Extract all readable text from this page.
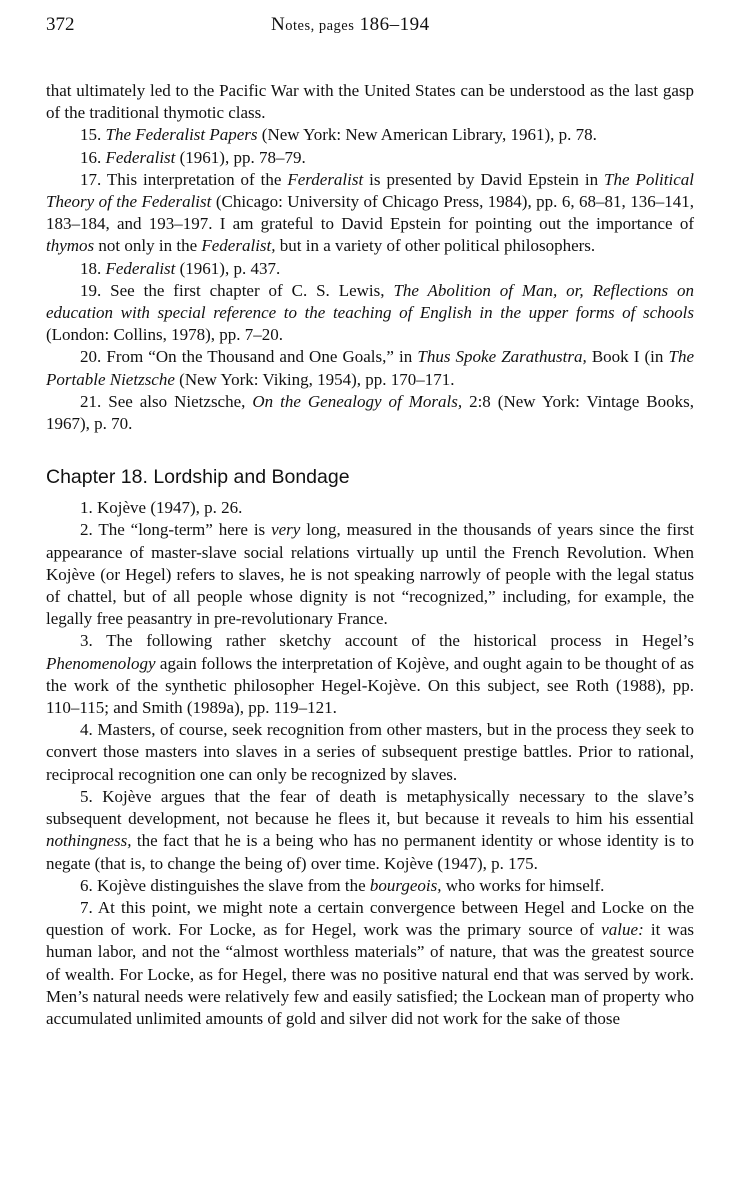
372	Notes, pages 186–194

that ultimately led to the Pacific War with the United States can be understood as the last gasp of the traditional thymotic class.

15. The Federalist Papers (New York: New American Library, 1961), p. 78.

16. Federalist (1961), pp. 78–79.

17. This interpretation of the Ferderalist is presented by David Epstein in The Political Theory of the Federalist (Chicago: University of Chicago Press, 1984), pp. 6, 68–81, 136–141, 183–184, and 193–197. I am grateful to David Epstein for pointing out the importance of thymos not only in the Federalist, but in a variety of other political philosophers.

18. Federalist (1961), p. 437.

19. See the first chapter of C. S. Lewis, The Abolition of Man, or, Reflections on education with special reference to the teaching of English in the upper forms of schools (London: Collins, 1978), pp. 7–20.

20. From “On the Thousand and One Goals,” in Thus Spoke Zarathustra, Book I (in The Portable Nietzsche (New York: Viking, 1954), pp. 170–171.

21. See also Nietzsche, On the Genealogy of Morals, 2:8 (New York: Vintage Books, 1967), p. 70.

Chapter 18. Lordship and Bondage

1. Kojève (1947), p. 26.

2. The “long-term” here is very long, measured in the thousands of years since the first appearance of master-slave social relations virtually up until the French Revolution. When Kojève (or Hegel) refers to slaves, he is not speaking narrowly of people with the legal status of chattel, but of all people whose dignity is not “recognized,” including, for example, the legally free peasantry in pre-revolutionary France.

3. The following rather sketchy account of the historical process in Hegel’s Phenomenology again follows the interpretation of Kojève, and ought again to be thought of as the work of the synthetic philosopher Hegel-Kojève. On this subject, see Roth (1988), pp. 110–115; and Smith (1989a), pp. 119–121.

4. Masters, of course, seek recognition from other masters, but in the process they seek to convert those masters into slaves in a series of subsequent prestige battles. Prior to rational, reciprocal recognition one can only be recognized by slaves.

5. Kojève argues that the fear of death is metaphysically necessary to the slave’s subsequent development, not because he flees it, but because it reveals to him his essential nothingness, the fact that he is a being who has no permanent identity or whose identity is to negate (that is, to change the being of) over time. Kojève (1947), p. 175.

6. Kojève distinguishes the slave from the bourgeois, who works for himself.

7. At this point, we might note a certain convergence between Hegel and Locke on the question of work. For Locke, as for Hegel, work was the primary source of value: it was human labor, and not the “almost worthless materials” of nature, that was the greatest source of wealth. For Locke, as for Hegel, there was no positive natural end that was served by work. Men’s natural needs were relatively few and easily satisfied; the Lockean man of property who accumulated unlimited amounts of gold and silver did not work for the sake of those
